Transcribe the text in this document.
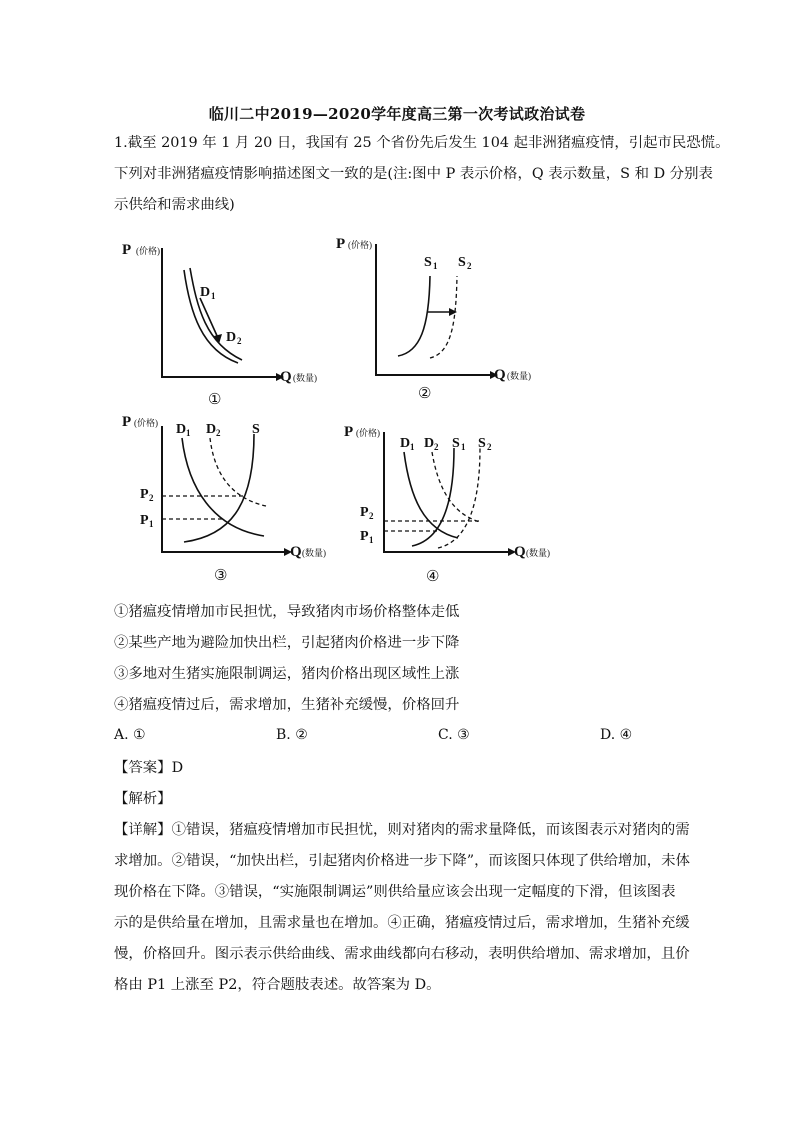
临川二中2019—2020学年度高三第一次考试政治试卷
1.截至 2019 年 1 月 20 日，我国有 25 个省份先后发生 104 起非洲猪瘟疫情，引起市民恐慌。
下列对非洲猪瘟疫情影响描述图文一致的是(注:图中 P 表示价格，Q 表示数量，S 和 D 分别表
示供给和需求曲线)
P (价格)
Q (数量)
D 1
D 2
①
P (价格)
Q (数量)
S 1 S 2
②
P (价格)
Q (数量)
D 1 D 2 S
P 2
P 1
③
P (价格)
Q (数量)
D 1 D 2 S 1 S 2
P 2
P 1
④
①猪瘟疫情增加市民担忧，导致猪肉市场价格整体走低
②某些产地为避险加快出栏，引起猪肉价格进一步下降
③多地对生猪实施限制调运，猪肉价格出现区域性上涨
④猪瘟疫情过后，需求增加，生猪补充缓慢，价格回升
A. ①	B. ②	C. ③	D. ④
【答案】D
【解析】
【详解】①错误，猪瘟疫情增加市民担忧，则对猪肉的需求量降低，而该图表示对猪肉的需
求增加。②错误，“加快出栏，引起猪肉价格进一步下降”，而该图只体现了供给增加，未体
现价格在下降。③错误，“实施限制调运”则供给量应该会出现一定幅度的下滑，但该图表
示的是供给量在增加，且需求量也在增加。④正确，猪瘟疫情过后，需求增加，生猪补充缓
慢，价格回升。图示表示供给曲线、需求曲线都向右移动，表明供给增加、需求增加，且价
格由 P1 上涨至 P2，符合题肢表述。故答案为 D。
